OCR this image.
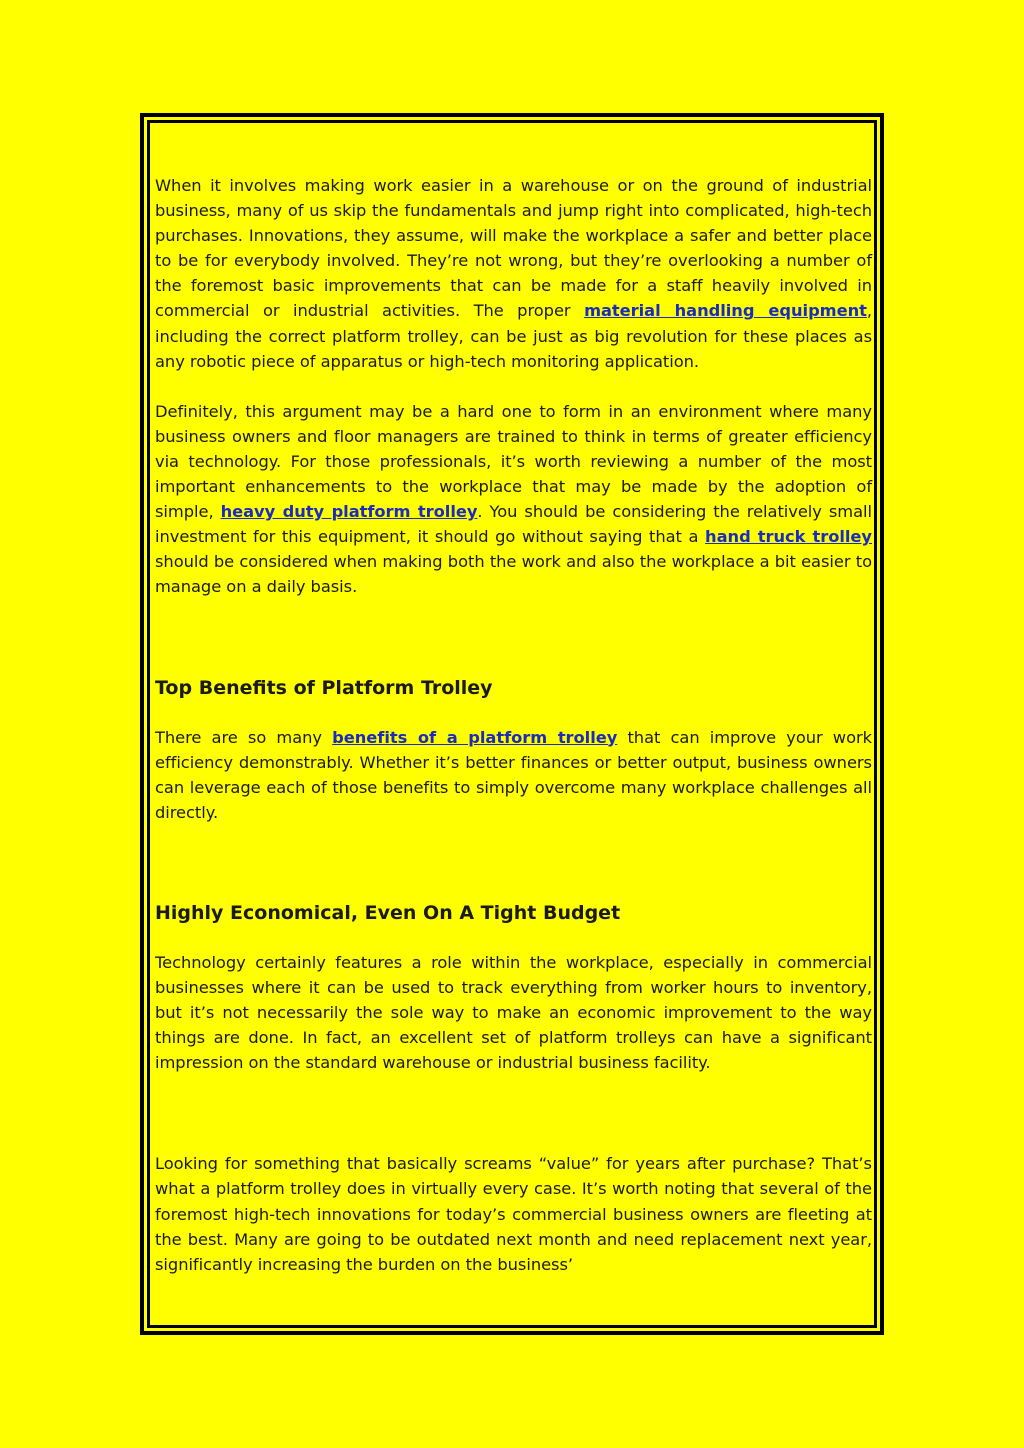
When it involves making work easier in a warehouse or on the ground of industrial business, many of us skip the fundamentals and jump right into complicated, high-tech purchases. Innovations, they assume, will make the workplace a safer and better place to be for everybody involved. They’re not wrong, but they’re overlooking a number of the foremost basic improvements that can be made for a staff heavily involved in commercial or industrial activities. The proper material handling equipment, including the correct platform trolley, can be just as big revolution for these places as any robotic piece of apparatus or high-tech monitoring application.

Definitely, this argument may be a hard one to form in an environment where many business owners and floor managers are trained to think in terms of greater efficiency via technology. For those professionals, it’s worth reviewing a number of the most important enhancements to the workplace that may be made by the adoption of simple, heavy duty platform trolley. You should be considering the relatively small investment for this equipment, it should go without saying that a hand truck trolley should be considered when making both the work and also the workplace a bit easier to manage on a daily basis.

Top Benefits of Platform Trolley

There are so many benefits of a platform trolley that can improve your work efficiency demonstrably. Whether it’s better finances or better output, business owners can leverage each of those benefits to simply overcome many workplace challenges all directly.

Highly Economical, Even On A Tight Budget

Technology certainly features a role within the workplace, especially in commercial businesses where it can be used to track everything from worker hours to inventory, but it’s not necessarily the sole way to make an economic improvement to the way things are done. In fact, an excellent set of platform trolleys can have a significant impression on the standard warehouse or industrial business facility.

Looking for something that basically screams “value” for years after purchase? That’s what a platform trolley does in virtually every case. It’s worth noting that several of the foremost high-tech innovations for today’s commercial business owners are fleeting at the best. Many are going to be outdated next month and need replacement next year, significantly increasing the burden on the business’
